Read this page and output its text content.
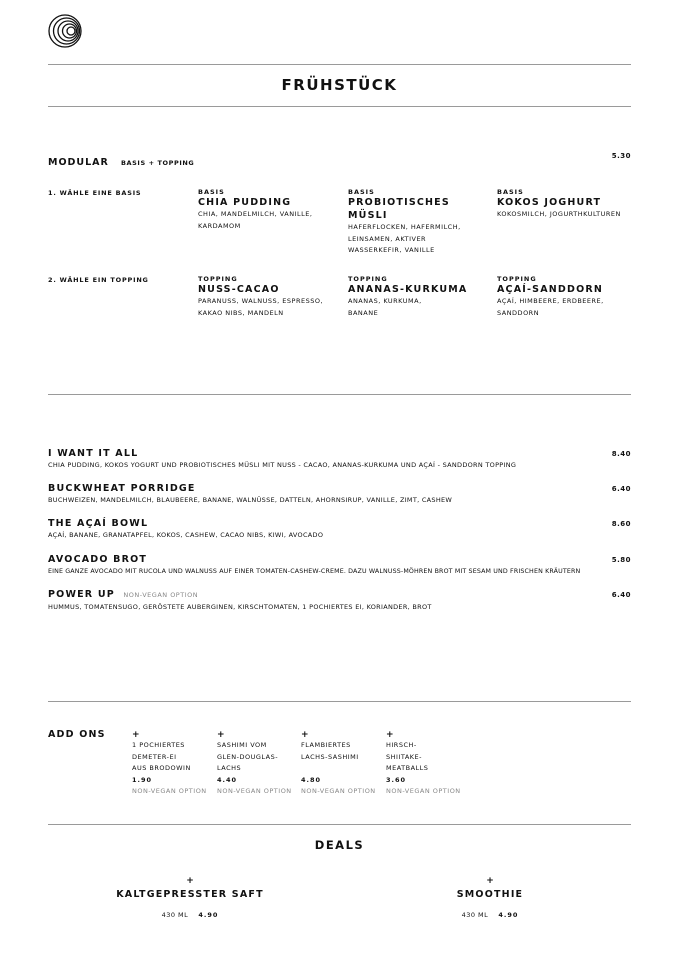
FRÜHSTÜCK
MODULAR BASIS + TOPPING
5.30
1. WÄHLE EINE BASIS
2. WÄHLE EIN TOPPING
BASIS
CHIA PUDDING
CHIA, MANDELMILCH, VANILLE, KARDAMOM
BASIS
PROBIOTISCHES MÜSLI
HAFERFLOCKEN, HAFERMILCH, LEINSAMEN, AKTIVER WASSERKEFIR, VANILLE
BASIS
KOKOS JOGHURT
KOKOSMILCH, JOGURTHKULTUREN
TOPPING
NUSS-CACAO
PARANUSS, WALNUSS, ESPRESSO, KAKAO NIBS, MANDELN
TOPPING
ANANAS-KURKUMA
ANANAS, KURKUMA, BANANE
TOPPING
AÇAÍ-SANDDORN
AÇAÍ, HIMBEERE, ERDBEERE, SANDDORN
I WANT IT ALL
CHIA PUDDING, KOKOS YOGURT UND PROBIOTISCHES MÜSLI MIT NUSS - CACAO, ANANAS-KURKUMA UND AÇAÍ - SANDDORN TOPPING
8.40
BUCKWHEAT PORRIDGE
BUCHWEIZEN, MANDELMILCH, BLAUBEERE, BANANE, WALNÜSSE, DATTELN, AHORNSIRUP, VANILLE, ZIMT, CASHEW
6.40
THE AÇAÍ BOWL
AÇAÍ, BANANE, GRANATAPFEL, KOKOS, CASHEW, CACAO NIBS, KIWI, AVOCADO
8.60
AVOCADO BROT
EINE GANZE AVOCADO MIT RUCOLA UND WALNUSS AUF EINER TOMATEN-CASHEW-CREME. DAZU WALNUSS-MÖHREN BROT MIT SESAM UND FRISCHEN KRÄUTERN
5.80
POWER UP NON-VEGAN OPTION
HUMMUS, TOMATENSUGO, GERÖSTETE AUBERGINEN, KIRSCHTOMATEN, 1 POCHIERTES EI, KORIANDER, BROT
6.40
ADD ONS	+
1 POCHIERTES
DEMETER-EI
AUS BRODOWIN
1.90
NON-VEGAN OPTION
+
SASHIMI VOM
GLEN-DOUGLAS-
LACHS
4.40
NON-VEGAN OPTION
+
FLAMBIERTES
LACHS-SASHIMI
4.80
NON-VEGAN OPTION
+
HIRSCH-
SHIITAKE-
MEATBALLS
3.60
NON-VEGAN OPTION
DEALS
+
KALTGEPRESSTER SAFT
430 ML 4.90
+
SMOOTHIE
430 ML 4.90
